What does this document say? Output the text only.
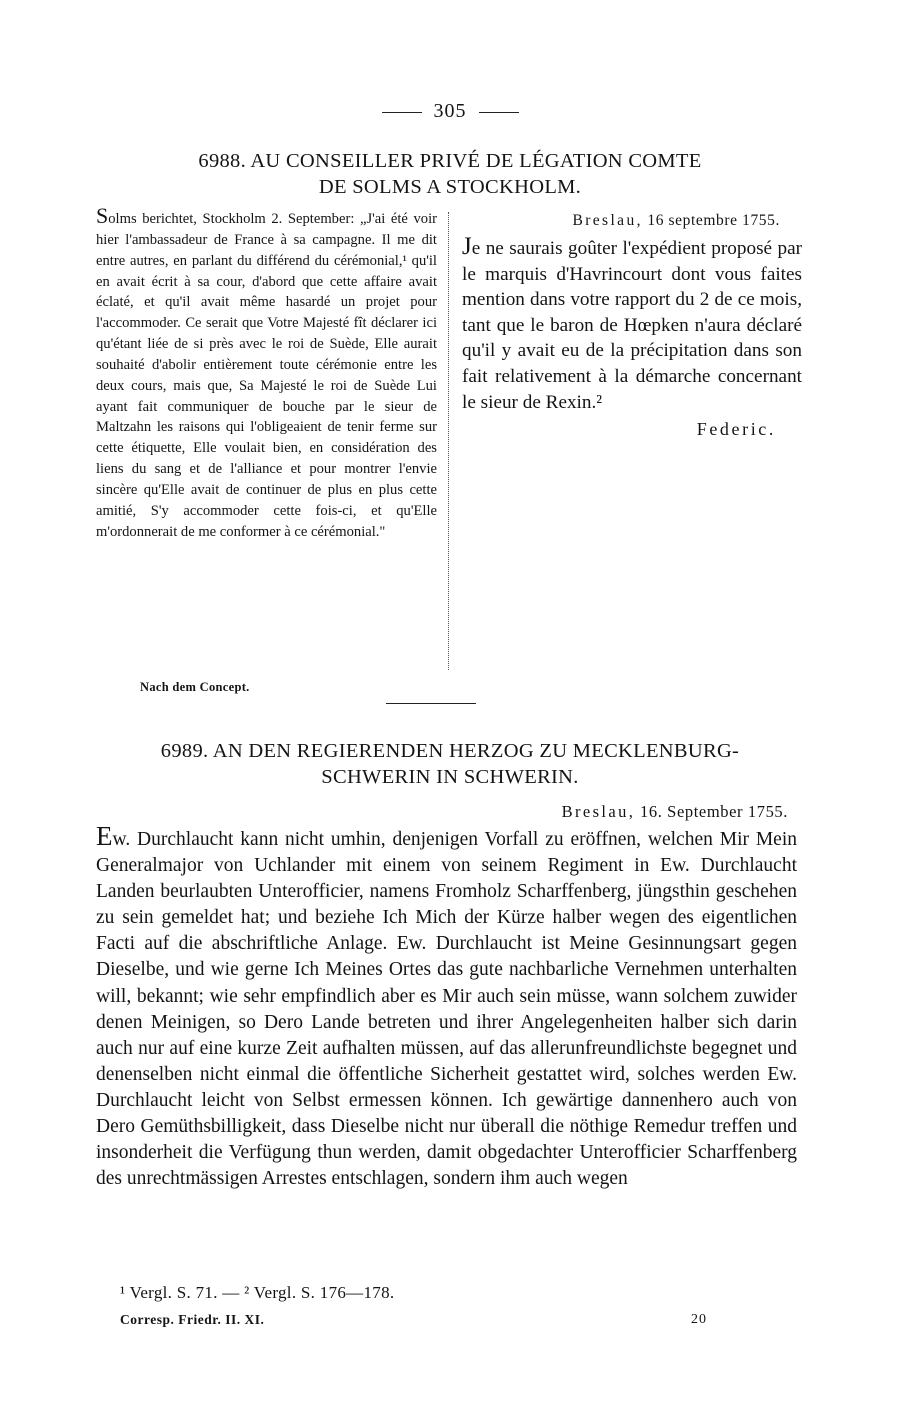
305
6988. AU CONSEILLER PRIVÉ DE LÉGATION COMTE
DE SOLMS A STOCKHOLM.
Solms berichtet, Stockholm 2. September: „J'ai été voir hier l'ambassadeur de France à sa campagne. Il me dit entre autres, en parlant du différend du cérémonial,¹ qu'il en avait écrit à sa cour, d'abord que cette affaire avait éclaté, et qu'il avait même hasardé un projet pour l'accommoder. Ce serait que Votre Majesté fît déclarer ici qu'étant liée de si près avec le roi de Suède, Elle aurait souhaité d'abolir entièrement toute cérémonie entre les deux cours, mais que, Sa Majesté le roi de Suède Lui ayant fait communiquer de bouche par le sieur de Maltzahn les raisons qui l'obligeaient de tenir ferme sur cette étiquette, Elle voulait bien, en considération des liens du sang et de l'alliance et pour montrer l'envie sincère qu'Elle avait de continuer de plus en plus cette amitié, S'y accommoder cette fois-ci, et qu'Elle m'ordonnerait de me conformer à ce cérémonial."
Breslau, 16 septembre 1755.
Je ne saurais goûter l'expédient proposé par le marquis d'Havrincourt dont vous faites mention dans votre rapport du 2 de ce mois, tant que le baron de Hœpken n'aura déclaré qu'il y avait eu de la précipitation dans son fait relativement à la démarche concernant le sieur de Rexin.²
Federic.
Nach dem Concept.
6989. AN DEN REGIERENDEN HERZOG ZU MECKLENBURG-
SCHWERIN IN SCHWERIN.
Breslau, 16. September 1755.
Ew. Durchlaucht kann nicht umhin, denjenigen Vorfall zu eröffnen, welchen Mir Mein Generalmajor von Uchlander mit einem von seinem Regiment in Ew. Durchlaucht Landen beurlaubten Unterofficier, namens Fromholz Scharffenberg, jüngsthin geschehen zu sein gemeldet hat; und beziehe Ich Mich der Kürze halber wegen des eigentlichen Facti auf die abschriftliche Anlage. Ew. Durchlaucht ist Meine Gesinnungsart gegen Dieselbe, und wie gerne Ich Meines Ortes das gute nachbarliche Vernehmen unterhalten will, bekannt; wie sehr empfindlich aber es Mir auch sein müsse, wann solchem zuwider denen Meinigen, so Dero Lande betreten und ihrer Angelegenheiten halber sich darin auch nur auf eine kurze Zeit aufhalten müssen, auf das allerunfreundlichste begegnet und denenselben nicht einmal die öffentliche Sicherheit gestattet wird, solches werden Ew. Durchlaucht leicht von Selbst ermessen können. Ich gewärtige dannenhero auch von Dero Gemüthsbilligkeit, dass Dieselbe nicht nur überall die nöthige Remedur treffen und insonderheit die Verfügung thun werden, damit obgedachter Unterofficier Scharffenberg des unrechtmässigen Arrestes entschlagen, sondern ihm auch wegen
¹ Vergl. S. 71. — ² Vergl. S. 176—178.
Corresp. Friedr. II. XI.	20
